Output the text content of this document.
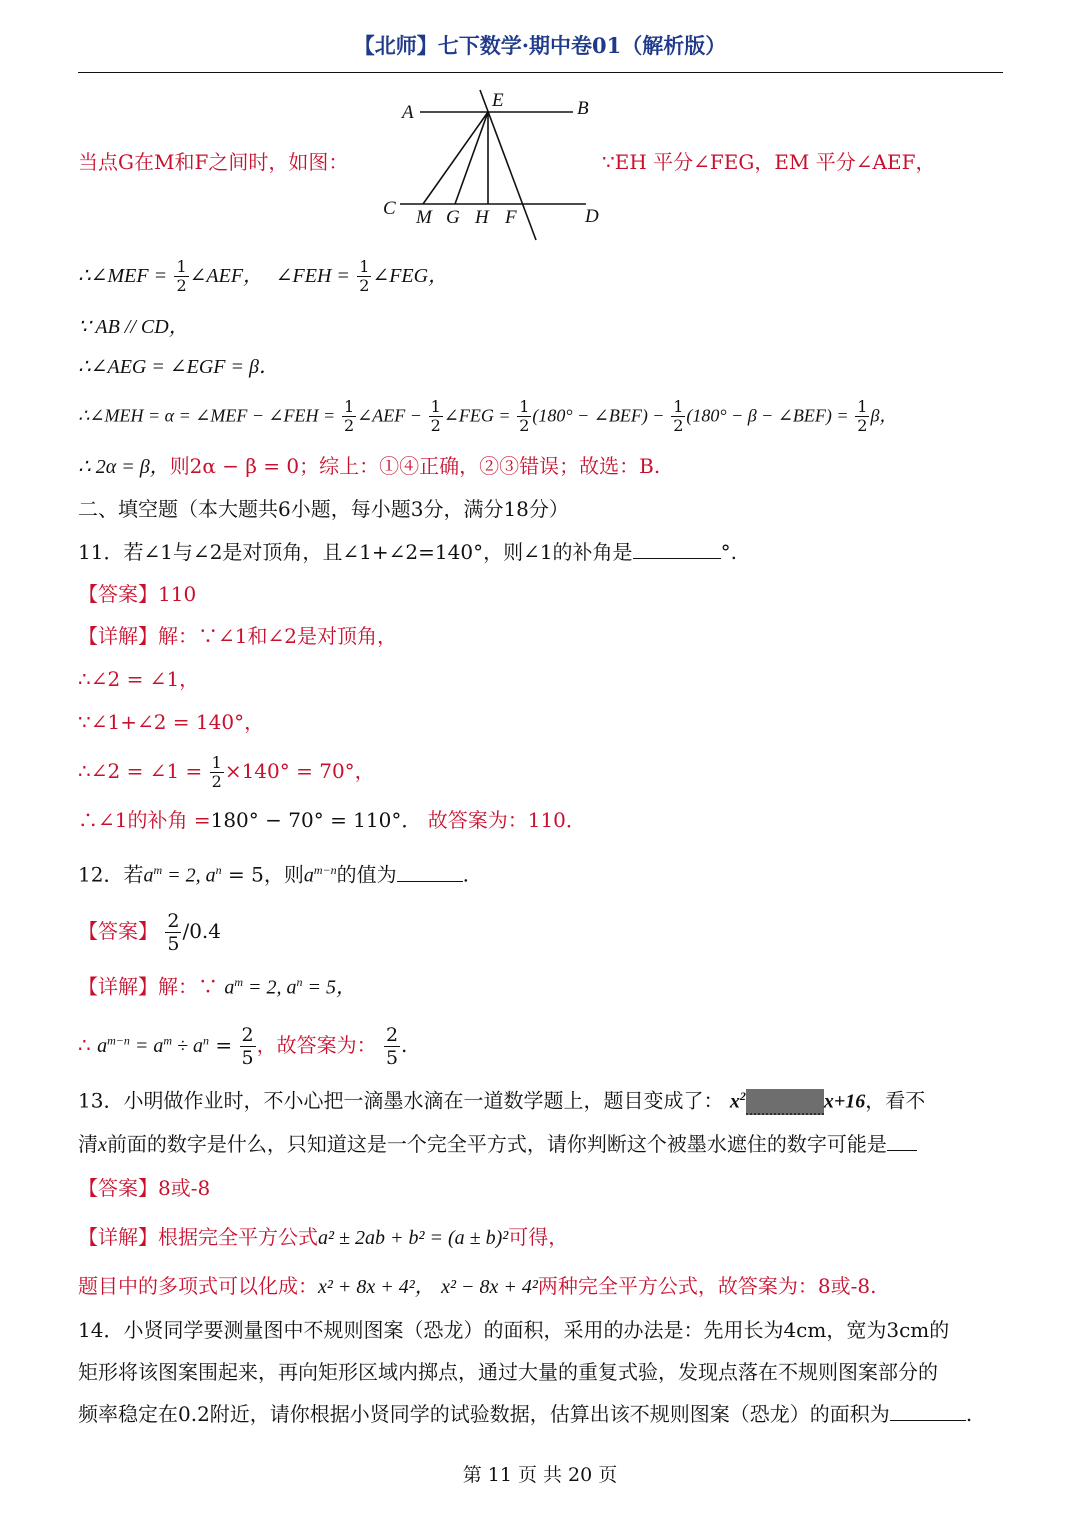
【北师】七下数学·期中卷01（解析版）
A	B
E
C M G H F	D
当点G在M和F之间时，如图：	∵EH 平分∠FEG，EM 平分∠AEF，
∴∠MEF = $\frac{1}{2}$ ∠AEF， ∠FEH = $\frac{1}{2}$ ∠FEG，
∵ AB // CD，
∴∠AEG = ∠EGF = β．
∴∠MEH = α = ∠MEF − ∠FEH = $\frac{1}{2}$ ∠AEF − $\frac{1}{2}$ ∠FEG = $\frac{1}{2} (180^\circ$ − ∠BEF) − $\frac{1}{2} (180^\circ - \beta$ − ∠BEF) = $\frac{1}{2}$ β，
∴ 2α = β，则2α − β = 0；综上：①④正确，②③错误；故选：B.
二、填空题（本大题共6小题，每小题3分，满分18分）
11．若∠1与∠2是对顶角，且∠1+∠2=140°，则∠1的补角是	°.
【答案】110
【详解】解：∵∠1和∠2是对顶角，
∴∠2 = ∠1，
∵∠1+∠2 = 140°，
∴∠2 = ∠1 = $\frac{1}{2} \times 140^\circ = 70^\circ$，
∴∠1的补角 =180° − 70° = 110°． 故答案为：110．
12．若$a^m = 2$, $a^n = 5$，则$a^{m-n}$的值为	.
【答案】 $\frac{2}{5} /0.4$
【详解】解：∵ $a^m = 2$, $a^n = 5$，
∴ $a^{m-n} = a^m \div a^n = \frac{2}{5}$ ，故答案为： $\frac{2}{5}$ .
13．小明做作业时，不小心把一滴墨水滴在一道数学题上，题目变成了： $x^2$	x+16，看不
清x前面的数字是什么，只知道这是一个完全平方式，请你判断这个被墨水遮住的数字可能是
【答案】8或-8
【详解】根据完全平方公式a² ± 2ab + b² = (a ± b)²可得，
题目中的多项式可以化成：x² + 8x + 4²， x² − 8x + 4²两种完全平方公式，故答案为：8或-8.
14．小贤同学要测量图中不规则图案（恐龙）的面积，采用的办法是：先用长为4cm，宽为3cm的
矩形将该图案围起来，再向矩形区域内掷点，通过大量的重复式验，发现点落在不规则图案部分的
频率稳定在0.2附近，请你根据小贤同学的试验数据，估算出该不规则图案（恐龙）的面积为	.
第 11 页 共 20 页
